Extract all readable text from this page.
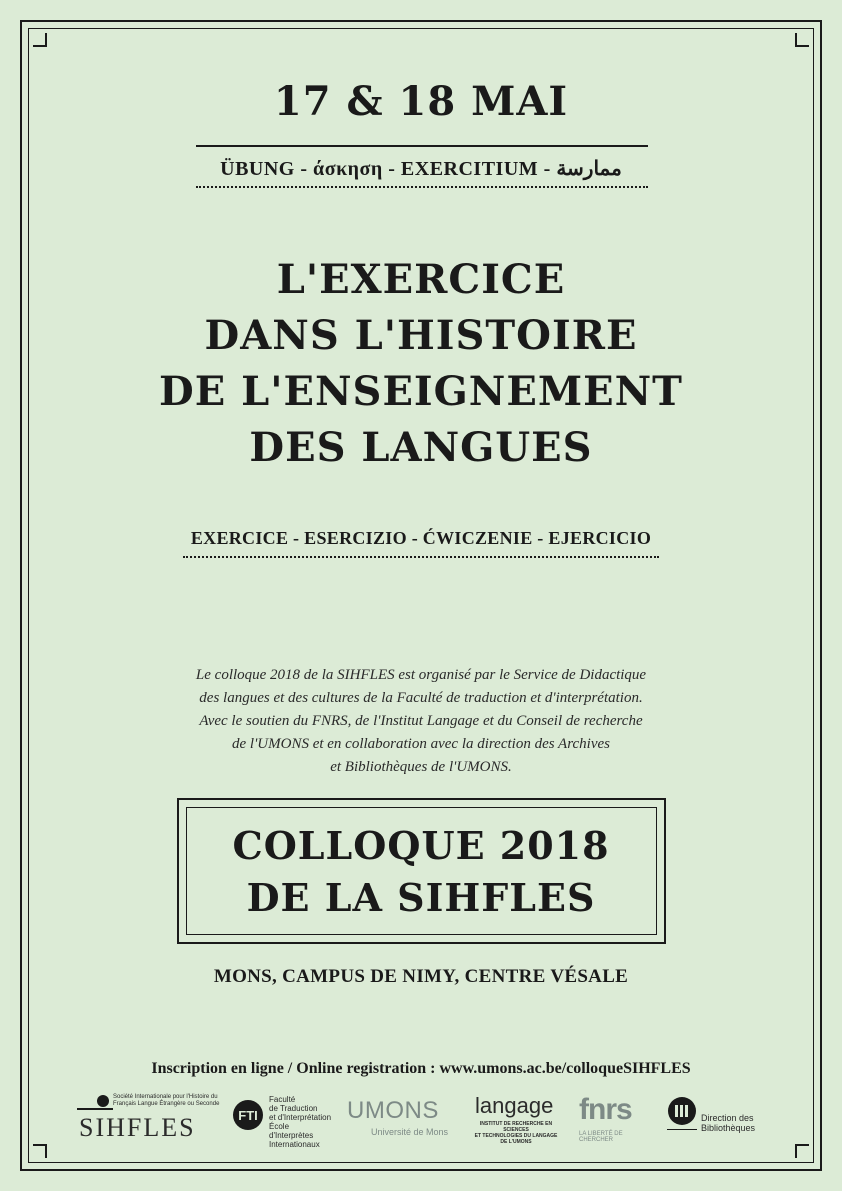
17 & 18 MAI
ÜBUNG - άσκηση - EXERCITIUM - ممارسة
L'EXERCICE
DANS L'HISTOIRE
DE L'ENSEIGNEMENT
DES LANGUES
EXERCICE - ESERCIZIO - ĆWICZENIE - EJERCICIO
Le colloque 2018 de la SIHFLES est organisé par le Service de Didactique
des langues et des cultures de la Faculté de traduction et d'interprétation.
Avec le soutien du FNRS, de l'Institut Langage et du Conseil de recherche
de l'UMONS et en collaboration avec la direction des Archives
et Bibliothèques de l'UMONS.
COLLOQUE 2018
DE LA SIHFLES
MONS, CAMPUS DE NIMY, CENTRE VÉSALE
Inscription en ligne / Online registration : www.umons.ac.be/colloqueSIHFLES
Société Internationale pour l'Histoire du
Français Langue Étrangère ou Seconde
SIHFLES	FTI
Faculté
de Traduction
et d'Interprétation
École d'Interprètes
Internationaux
UMONS
Université de Mons
langage
INSTITUT DE RECHERCHE EN SCIENCES
ET TECHNOLOGIES DU LANGAGE
DE L'UMONS
fnrs
LA LIBERTÉ DE CHERCHER
Direction des
Bibliothèques
